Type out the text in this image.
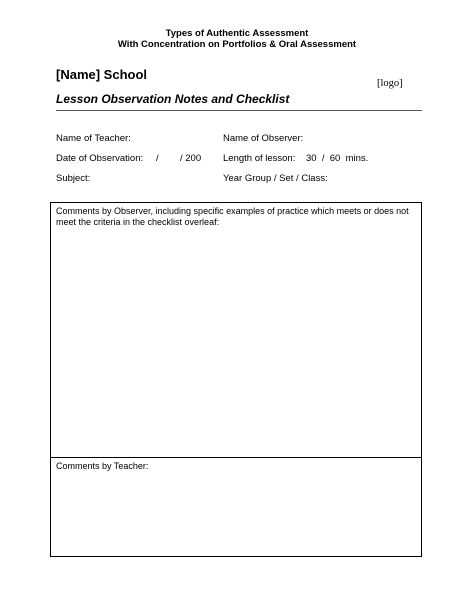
Types of Authentic Assessment
With Concentration on Portfolios & Oral Assessment
[Name] School
[logo]
Lesson Observation Notes and Checklist
Name of Teacher:	Name of Observer:
Date of Observation: / / 200 Length of lesson: 30  /  60  mins.
Subject:	Year Group / Set / Class:
Comments by Observer, including specific examples of practice which meets or does not meet the criteria in the checklist overleaf:
Comments by Teacher:
